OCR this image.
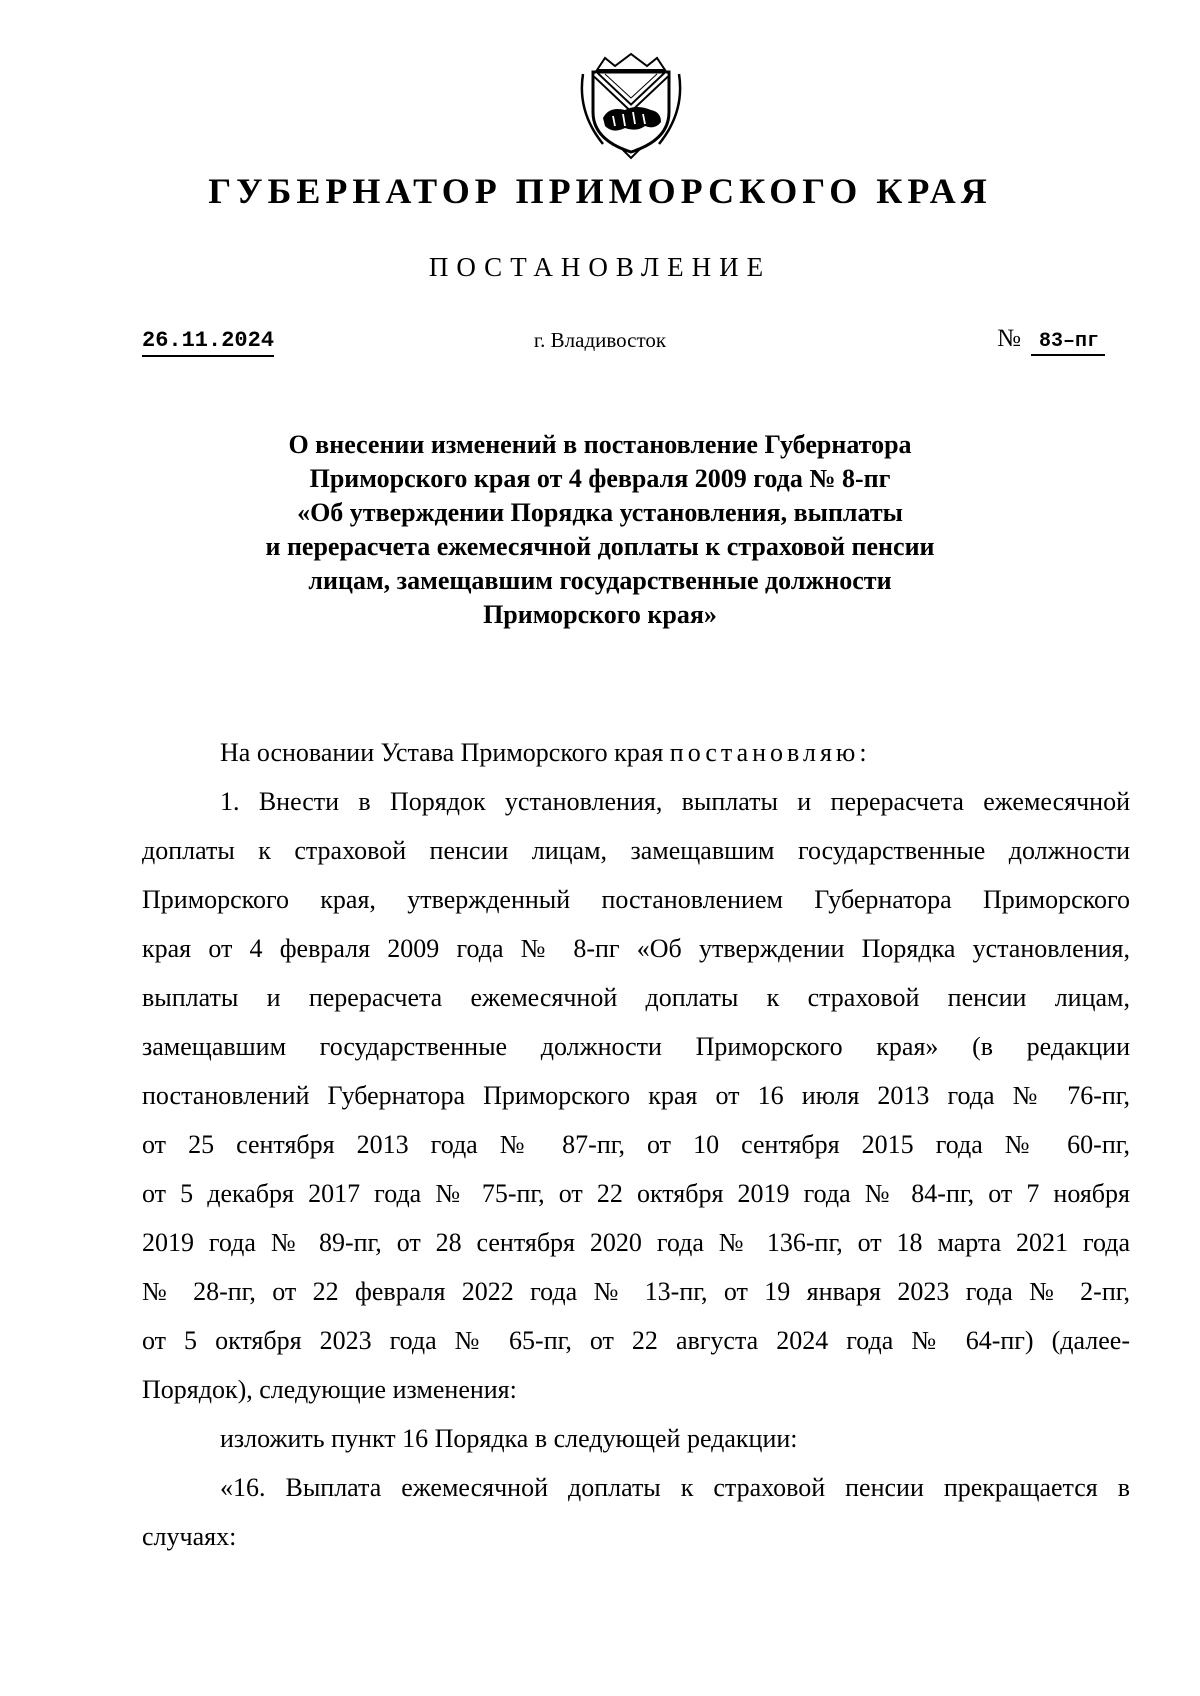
ГУБЕРНАТОР ПРИМОРСКОГО КРАЯ
ПОСТАНОВЛЕНИЕ
26.11.2024	г. Владивосток	№ 83–пг
О внесении изменений в постановление Губернатора
Приморского края от 4 февраля 2009 года № 8-пг
«Об утверждении Порядка установления, выплаты
и перерасчета ежемесячной доплаты к страховой пенсии
лицам, замещавшим государственные должности
Приморского края»

На основании Устава Приморского края постановляю:

1. Внести в Порядок установления, выплаты и перерасчета ежемесячной
доплаты к страховой пенсии лицам, замещавшим государственные должности
Приморского края, утвержденный постановлением Губернатора Приморского
края от 4 февраля 2009 года № 8-пг «Об утверждении Порядка установления,
выплаты и перерасчета ежемесячной доплаты к страховой пенсии лицам,
замещавшим государственные должности Приморского края» (в редакции
постановлений Губернатора Приморского края от 16 июля 2013 года № 76-пг,
от 25 сентября 2013 года № 87-пг, от 10 сентября 2015 года № 60-пг,
от 5 декабря 2017 года № 75-пг, от 22 октября 2019 года № 84-пг, от 7 ноября
2019 года № 89-пг, от 28 сентября 2020 года № 136-пг, от 18 марта 2021 года
№ 28-пг, от 22 февраля 2022 года № 13-пг, от 19 января 2023 года № 2-пг,
от 5 октября 2023 года № 65-пг, от 22 августа 2024 года № 64-пг) (далее-
Порядок), следующие изменения:

изложить пункт 16 Порядка в следующей редакции:

«16. Выплата ежемесячной доплаты к страховой пенсии прекращается в
случаях:
